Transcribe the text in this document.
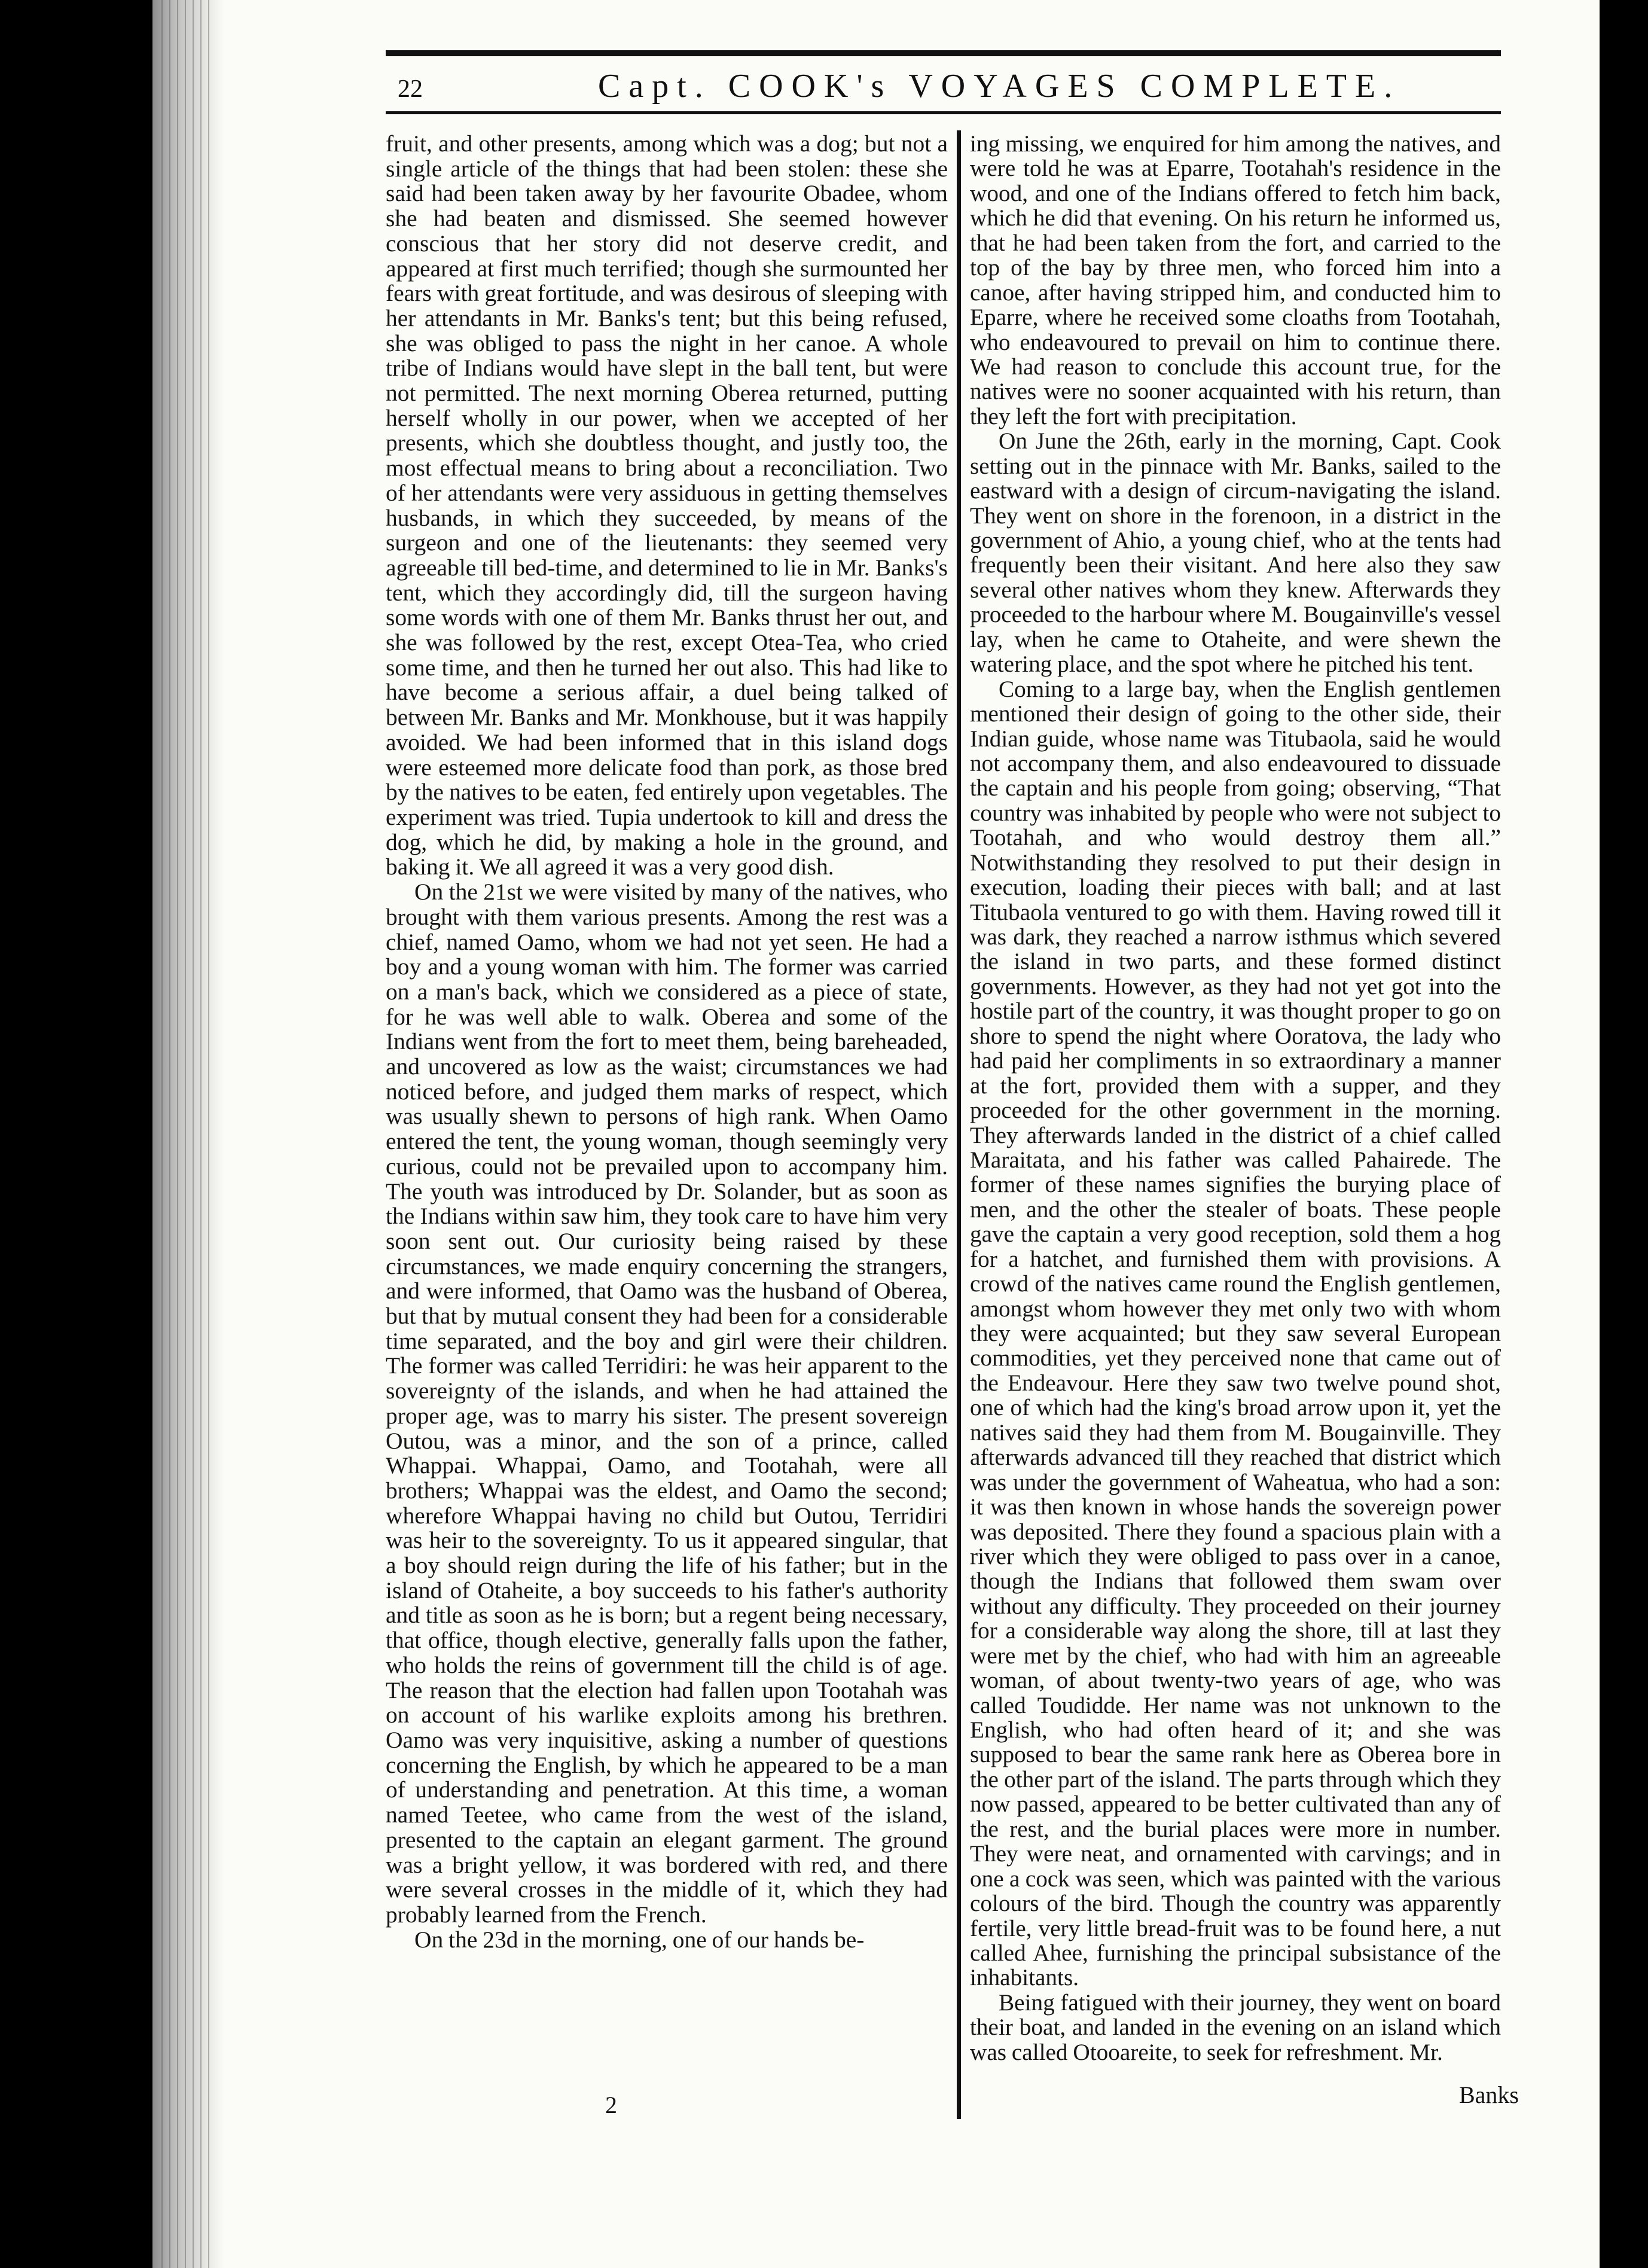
22	Capt. COOK's VOYAGES COMPLETE.

fruit, and other presents, among which was a dog; but not a single article of the things that had been stolen: these she said had been taken away by her favourite Obadee, whom she had beaten and dismissed. She seemed however conscious that her story did not deserve credit, and appeared at first much terrified; though she surmounted her fears with great fortitude, and was desirous of sleeping with her attendants in Mr. Banks's tent; but this being refused, she was obliged to pass the night in her canoe. A whole tribe of Indians would have slept in the ball tent, but were not permitted. The next morning Oberea returned, putting herself wholly in our power, when we accepted of her presents, which she doubtless thought, and justly too, the most effectual means to bring about a reconciliation. Two of her attendants were very assiduous in getting themselves husbands, in which they succeeded, by means of the surgeon and one of the lieutenants: they seemed very agreeable till bed-time, and determined to lie in Mr. Banks's tent, which they accordingly did, till the surgeon having some words with one of them Mr. Banks thrust her out, and she was followed by the rest, except Otea-Tea, who cried some time, and then he turned her out also. This had like to have become a serious affair, a duel being talked of between Mr. Banks and Mr. Monkhouse, but it was happily avoided. We had been informed that in this island dogs were esteemed more delicate food than pork, as those bred by the natives to be eaten, fed entirely upon vegetables. The experiment was tried. Tupia undertook to kill and dress the dog, which he did, by making a hole in the ground, and baking it. We all agreed it was a very good dish.

On the 21st we were visited by many of the natives, who brought with them various presents. Among the rest was a chief, named Oamo, whom we had not yet seen. He had a boy and a young woman with him. The former was carried on a man's back, which we considered as a piece of state, for he was well able to walk. Oberea and some of the Indians went from the fort to meet them, being bareheaded, and uncovered as low as the waist; circumstances we had noticed before, and judged them marks of respect, which was usually shewn to persons of high rank. When Oamo entered the tent, the young woman, though seemingly very curious, could not be prevailed upon to accompany him. The youth was introduced by Dr. Solander, but as soon as the Indians within saw him, they took care to have him very soon sent out. Our curiosity being raised by these circumstances, we made enquiry concerning the strangers, and were informed, that Oamo was the husband of Oberea, but that by mutual consent they had been for a considerable time separated, and the boy and girl were their children. The former was called Terridiri: he was heir apparent to the sovereignty of the islands, and when he had attained the proper age, was to marry his sister. The present sovereign Outou, was a minor, and the son of a prince, called Whappai. Whappai, Oamo, and Tootahah, were all brothers; Whappai was the eldest, and Oamo the second; wherefore Whappai having no child but Outou, Terridiri was heir to the sovereignty. To us it appeared singular, that a boy should reign during the life of his father; but in the island of Otaheite, a boy succeeds to his father's authority and title as soon as he is born; but a regent being necessary, that office, though elective, generally falls upon the father, who holds the reins of government till the child is of age. The reason that the election had fallen upon Tootahah was on account of his warlike exploits among his brethren. Oamo was very inquisitive, asking a number of questions concerning the English, by which he appeared to be a man of understanding and penetration. At this time, a woman named Teetee, who came from the west of the island, presented to the captain an elegant garment. The ground was a bright yellow, it was bordered with red, and there were several crosses in the middle of it, which they had probably learned from the French.

On the 23d in the morning, one of our hands be-

ing missing, we enquired for him among the natives, and were told he was at Eparre, Tootahah's residence in the wood, and one of the Indians offered to fetch him back, which he did that evening. On his return he informed us, that he had been taken from the fort, and carried to the top of the bay by three men, who forced him into a canoe, after having stripped him, and conducted him to Eparre, where he received some cloaths from Tootahah, who endeavoured to prevail on him to continue there. We had reason to conclude this account true, for the natives were no sooner acquainted with his return, than they left the fort with precipitation.

On June the 26th, early in the morning, Capt. Cook setting out in the pinnace with Mr. Banks, sailed to the eastward with a design of circum-navigating the island. They went on shore in the forenoon, in a district in the government of Ahio, a young chief, who at the tents had frequently been their visitant. And here also they saw several other natives whom they knew. Afterwards they proceeded to the harbour where M. Bougainville's vessel lay, when he came to Otaheite, and were shewn the watering place, and the spot where he pitched his tent.

Coming to a large bay, when the English gentlemen mentioned their design of going to the other side, their Indian guide, whose name was Titubaola, said he would not accompany them, and also endeavoured to dissuade the captain and his people from going; observing, “That country was inhabited by people who were not subject to Tootahah, and who would destroy them all.” Notwithstanding they resolved to put their design in execution, loading their pieces with ball; and at last Titubaola ventured to go with them. Having rowed till it was dark, they reached a narrow isthmus which severed the island in two parts, and these formed distinct governments. However, as they had not yet got into the hostile part of the country, it was thought proper to go on shore to spend the night where Ooratova, the lady who had paid her compliments in so extraordinary a manner at the fort, provided them with a supper, and they proceeded for the other government in the morning. They afterwards landed in the district of a chief called Maraitata, and his father was called Pahairede. The former of these names signifies the burying place of men, and the other the stealer of boats. These people gave the captain a very good reception, sold them a hog for a hatchet, and furnished them with provisions. A crowd of the natives came round the English gentlemen, amongst whom however they met only two with whom they were acquainted; but they saw several European commodities, yet they perceived none that came out of the Endeavour. Here they saw two twelve pound shot, one of which had the king's broad arrow upon it, yet the natives said they had them from M. Bougainville. They afterwards advanced till they reached that district which was under the government of Waheatua, who had a son: it was then known in whose hands the sovereign power was deposited. There they found a spacious plain with a river which they were obliged to pass over in a canoe, though the Indians that followed them swam over without any difficulty. They proceeded on their journey for a considerable way along the shore, till at last they were met by the chief, who had with him an agreeable woman, of about twenty-two years of age, who was called Toudidde. Her name was not unknown to the English, who had often heard of it; and she was supposed to bear the same rank here as Oberea bore in the other part of the island. The parts through which they now passed, appeared to be better cultivated than any of the rest, and the burial places were more in number. They were neat, and ornamented with carvings; and in one a cock was seen, which was painted with the various colours of the bird. Though the country was apparently fertile, very little bread-fruit was to be found here, a nut called Ahee, furnishing the principal subsistance of the inhabitants.

Being fatigued with their journey, they went on board their boat, and landed in the evening on an island which was called Otooareite, to seek for refreshment. Mr.

2	Banks
